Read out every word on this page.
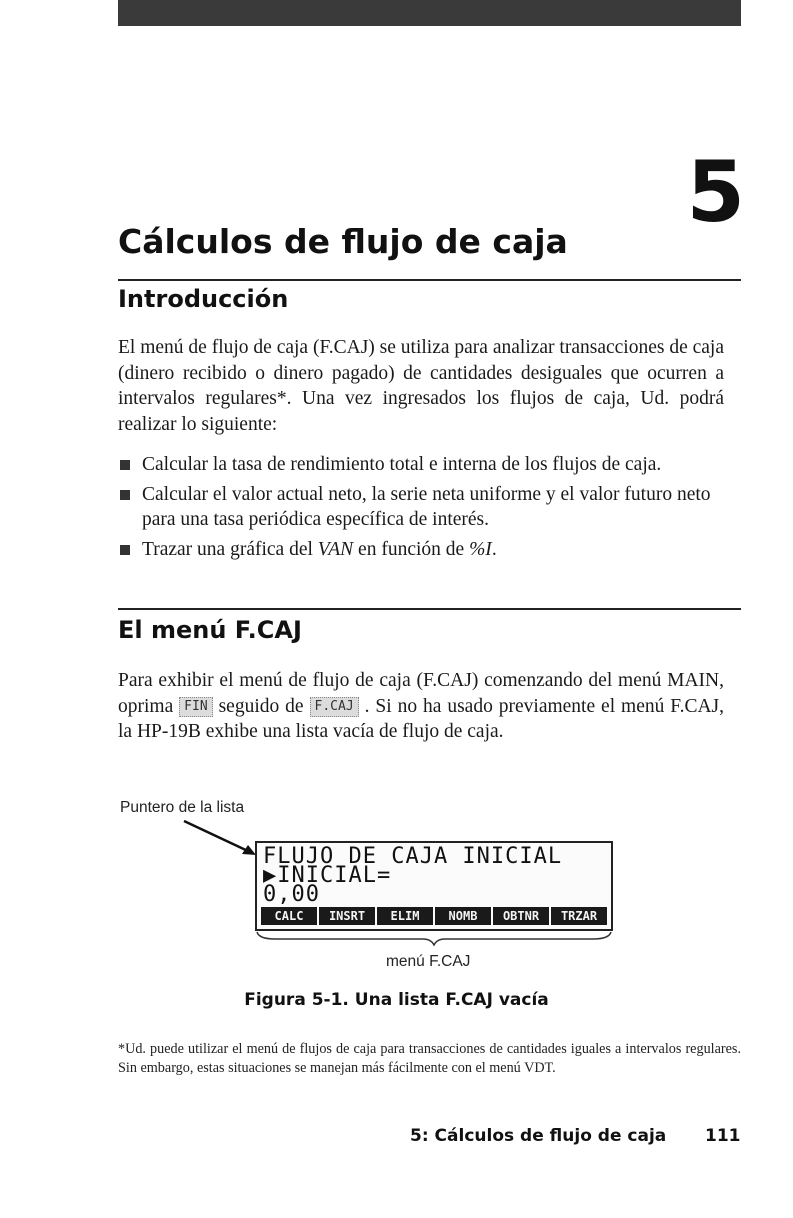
5
Cálculos de flujo de caja
Introducción

El menú de flujo de caja (F.CAJ) se utiliza para analizar transacciones de caja (dinero recibido o dinero pagado) de cantidades desiguales que ocurren a intervalos regulares*. Una vez ingresados los flujos de caja, Ud. podrá realizar lo siguiente:

Calcular la tasa de rendimiento total e interna de los flujos de caja.
Calcular el valor actual neto, la serie neta uniforme y el valor futuro neto para una tasa periódica específica de interés.
Trazar una gráfica del VAN en función de %I.
El menú F.CAJ

Para exhibir el menú de flujo de caja (F.CAJ) comenzando del menú MAIN, oprima FIN seguido de F.CAJ . Si no ha usado previamente el menú F.CAJ, la HP-19B exhibe una lista vacía de flujo de caja.

Puntero de la lista
FLUJO DE CAJA INICIAL
▶INICIAL=
0,00
CALC	INSRT	ELIM	NOMB	OBTNR	TRZAR
menú F.CAJ
Figura 5-1. Una lista F.CAJ vacía

*Ud. puede utilizar el menú de flujos de caja para transacciones de cantidades iguales a intervalos regulares. Sin embargo, estas situaciones se manejan más fácilmente con el menú VDT.

5: Cálculos de flujo de caja 111
